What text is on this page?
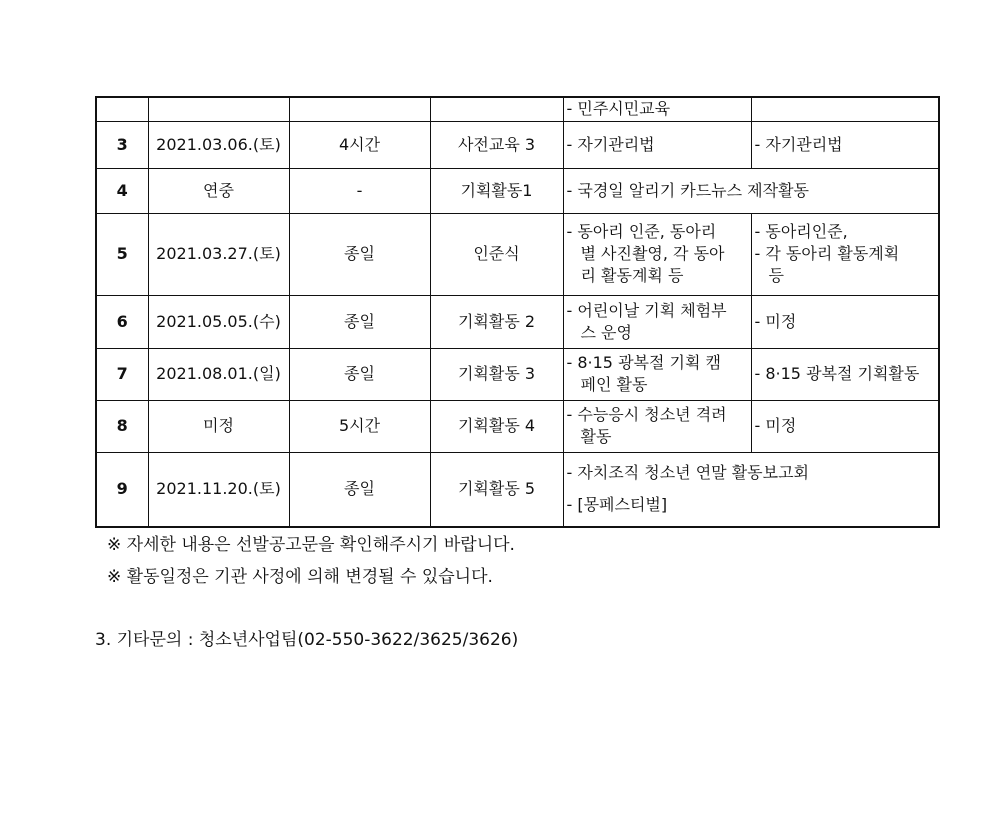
				- 민주시민교육	

3	2021.03.06.(토)	4시간	사전교육 3	- 자기관리법	- 자기관리법

4	연중	-	기획활동1	- 국경일 알리기 카드뉴스 제작활동	

5	2021.03.27.(토)	종일	인준식	- 동아리 인준, 동아리
별 사진촬영, 각 동아
리 활동계획 등	- 동아리인준,
- 각 동아리 활동계획
등

6	2021.05.05.(수)	종일	기획활동 2	- 어린이날 기획 체험부
스 운영	- 미정

7	2021.08.01.(일)	종일	기획활동 3	- 8·15 광복절 기획 캠
페인 활동	- 8·15 광복절 기획활동

8	미정	5시간	기획활동 4	- 수능응시 청소년 격려
활동	- 미정

9	2021.11.20.(토)	종일	기획활동 5	- 자치조직 청소년 연말 활동보고회
- [몽페스티벌]	
※ 자세한 내용은 선발공고문을 확인해주시기 바랍니다.
※ 활동일정은 기관 사정에 의해 변경될 수 있습니다.
3. 기타문의 : 청소년사업팀(02-550-3622/3625/3626)
